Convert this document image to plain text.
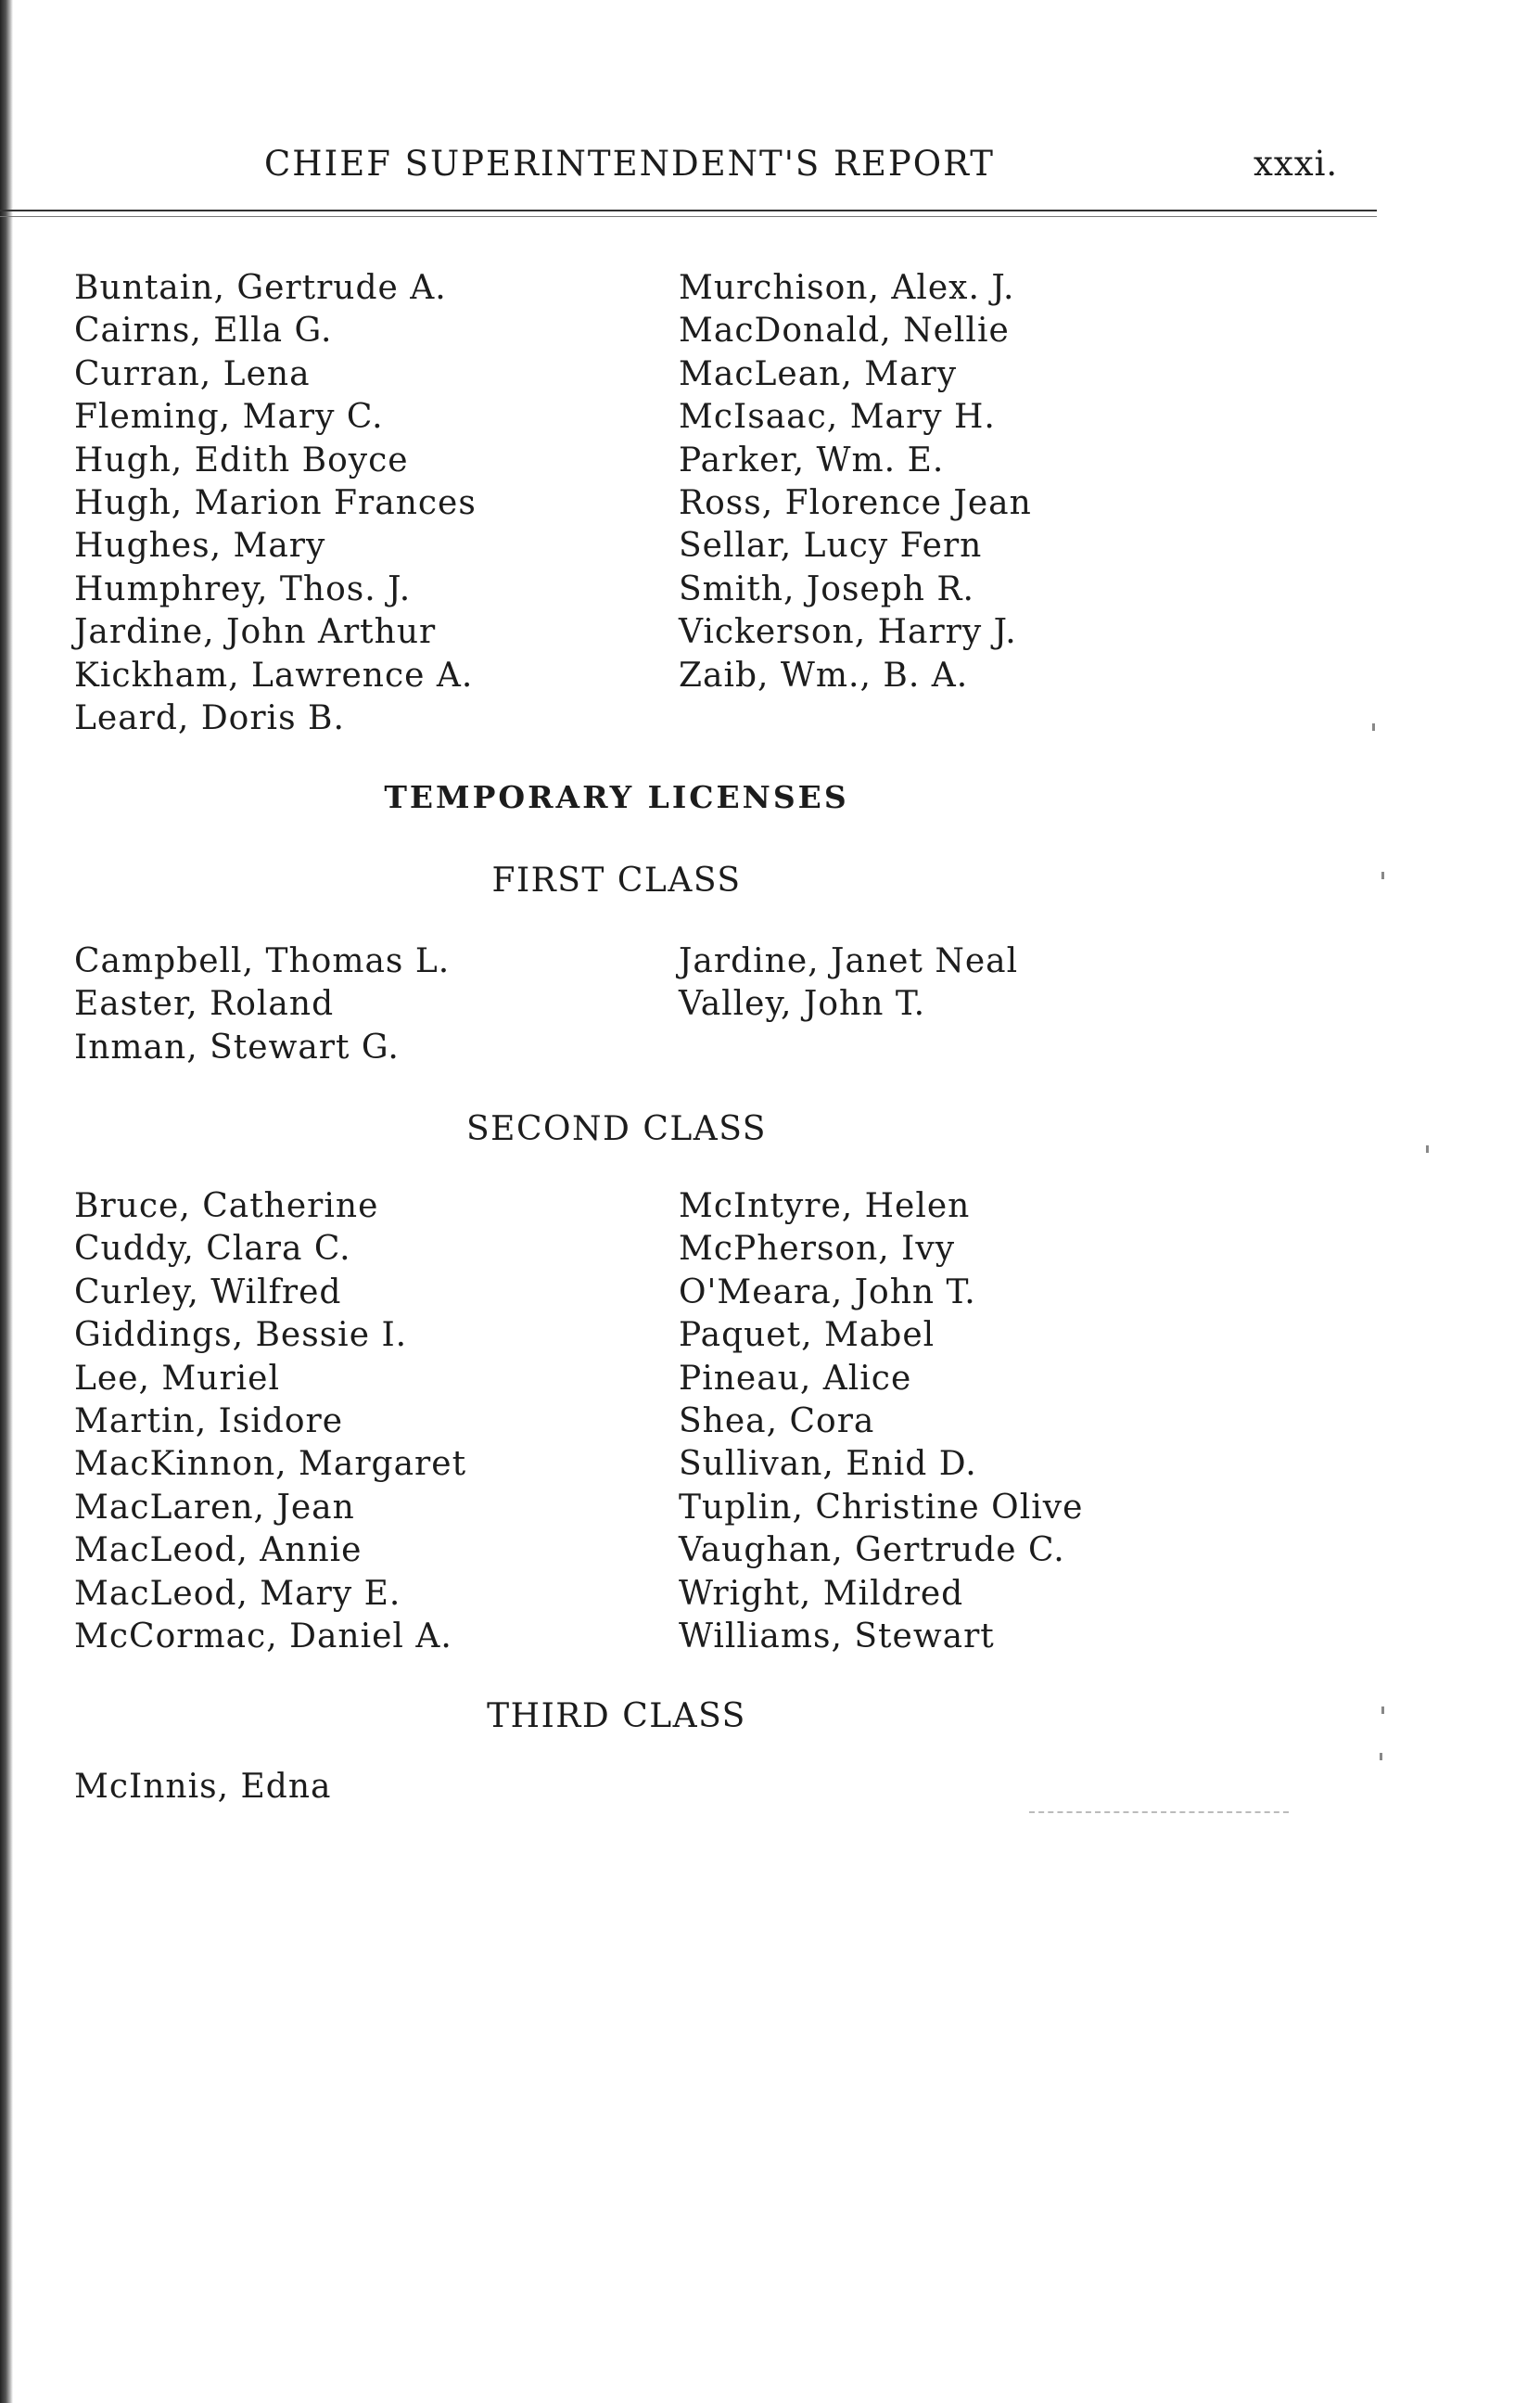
CHIEF SUPERINTENDENT'S REPORT	xxxi.
Buntain, Gertrude A.
Cairns, Ella G.
Curran, Lena
Fleming, Mary C.
Hugh, Edith Boyce
Hugh, Marion Frances
Hughes, Mary
Humphrey, Thos. J.
Jardine, John Arthur
Kickham, Lawrence A.
Leard, Doris B.
Murchison, Alex. J.
MacDonald, Nellie
MacLean, Mary
McIsaac, Mary H.
Parker, Wm. E.
Ross, Florence Jean
Sellar, Lucy Fern
Smith, Joseph R.
Vickerson, Harry J.
Zaib, Wm., B. A.
TEMPORARY LICENSES
FIRST CLASS
Campbell, Thomas L.
Easter, Roland
Inman, Stewart G.
Jardine, Janet Neal
Valley, John T.
SECOND CLASS
Bruce, Catherine
Cuddy, Clara C.
Curley, Wilfred
Giddings, Bessie I.
Lee, Muriel
Martin, Isidore
MacKinnon, Margaret
MacLaren, Jean
MacLeod, Annie
MacLeod, Mary E.
McCormac, Daniel A.
McIntyre, Helen
McPherson, Ivy
O'Meara, John T.
Paquet, Mabel
Pineau, Alice
Shea, Cora
Sullivan, Enid D.
Tuplin, Christine Olive
Vaughan, Gertrude C.
Wright, Mildred
Williams, Stewart
THIRD CLASS
McInnis, Edna
